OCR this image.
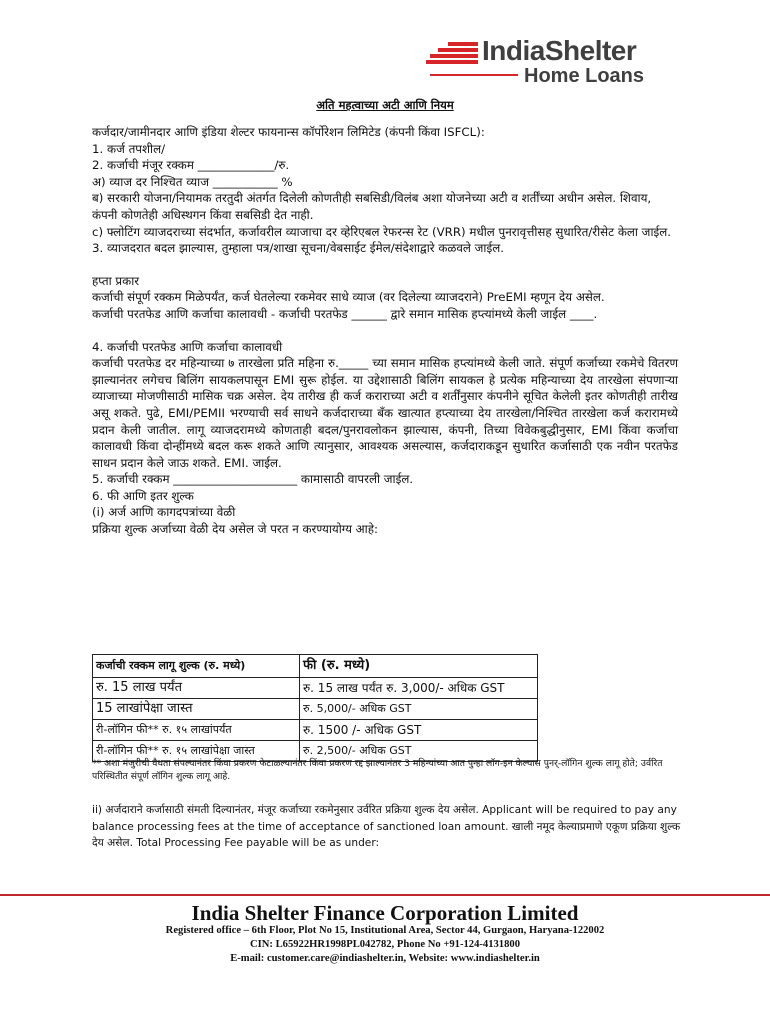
IndiaShelter
Home Loans
अति महत्वाच्या अटी आणि नियम

कर्जदार/जामीनदार आणि इंडिया शेल्टर फायनान्स कॉर्पोरेशन लिमिटेड (कंपनी किंवा ISFCL):

1. कर्ज तपशील/

2. कर्जाची मंजूर रक्कम _____________/रु.

अ) व्याज दर निश्चित व्याज ___________ %

ब) सरकारी योजना/नियामक तरतुदी अंतर्गत दिलेली कोणतीही सबसिडी/विलंब अशा योजनेच्या अटी व शर्तींच्या अधीन असेल. शिवाय, कंपनी कोणतेही अधिस्थगन किंवा सबसिडी देत नाही.

c) फ्लोटिंग व्याजदराच्या संदर्भात, कर्जावरील व्याजाचा दर व्हेरिएबल रेफरन्स रेट (VRR) मधील पुनरावृत्तीसह सुधारित/रीसेट केला जाईल.

3. व्याजदरात बदल झाल्यास, तुम्हाला पत्र/शाखा सूचना/वेबसाईट ईमेल/संदेशाद्वारे कळवले जाईल.

हप्ता प्रकार

कर्जाची संपूर्ण रक्कम मिळेपर्यंत, कर्ज घेतलेल्या रकमेवर साधे व्याज (वर दिलेल्या व्याजदराने) PreEMI म्हणून देय असेल.

कर्जाची परतफेड आणि कर्जाचा कालावधी - कर्जाची परतफेड ______ द्वारे समान मासिक हप्त्यांमध्ये केली जाईल ____.

4. कर्जाची परतफेड आणि कर्जाचा कालावधी

कर्जाची परतफेड दर महिन्याच्या ७ तारखेला प्रति महिना रु._____ च्या समान मासिक हप्त्यांमध्ये केली जाते. संपूर्ण कर्जाच्या रकमेचे वितरण झाल्यानंतर लगेचच बिलिंग सायकलपासून EMI सुरू होईल. या उद्देशासाठी बिलिंग सायकल हे प्रत्येक महिन्याच्या देय तारखेला संपणाऱ्या व्याजाच्या मोजणीसाठी मासिक चक्र असेल. देय तारीख ही कर्ज कराराच्या अटी व शर्तींनुसार कंपनीने सूचित केलेली इतर कोणतीही तारीख असू शकते. पुढे, EMI/PEMII भरण्याची सर्व साधने कर्जदाराच्या बँक खात्यात हप्त्याच्या देय तारखेला/निश्चित तारखेला कर्ज करारामध्ये प्रदान केली जातील. लागू व्याजदरामध्ये कोणताही बदल/पुनरावलोकन झाल्यास, कंपनी, तिच्या विवेकबुद्धीनुसार, EMI किंवा कर्जाचा कालावधी किंवा दोन्हींमध्ये बदल करू शकते आणि त्यानुसार, आवश्यक असल्यास, कर्जदाराकडून सुधारित कर्जासाठी एक नवीन परतफेड साधन प्रदान केले जाऊ शकते. EMI. जाईल.

5. कर्जाची रक्कम _____________________ कामासाठी वापरली जाईल.

6. फी आणि इतर शुल्क

(i) अर्ज आणि कागदपत्रांच्या वेळी

प्रक्रिया शुल्क अर्जाच्या वेळी देय असेल जे परत न करण्यायोग्य आहे:

कर्जाची रक्कम लागू शुल्क (रु. मध्ये)	फी (रु. मध्ये)
रु. 15 लाख पर्यंत	रु. 15 लाख पर्यंत रु. 3,000/- अधिक GST
15 लाखांपेक्षा जास्त	रु. 5,000/- अधिक GST
री-लॉगिन फी** रु. १५ लाखांपर्यंत	रु. 1500 /- अधिक GST
री-लॉगिन फी** रु. १५ लाखांपेक्षा जास्त	रु. 2,500/- अधिक GST
** अशा मंजुरीची वैधता संपल्यानंतर किंवा प्रकरण फेटाळल्यानंतर किंवा प्रकरण रद्द झाल्यानंतर 3 महिन्यांच्या आत पुन्हा लॉग-इन केल्यास पुनर्-लॉगिन शुल्क लागू होते; उर्वरित परिस्थितीत संपूर्ण लॉगिन शुल्क लागू आहे.
ii) अर्जदाराने कर्जासाठी संमती दिल्यानंतर, मंजूर कर्जाच्या रकमेनुसार उर्वरित प्रक्रिया शुल्क देय असेल. Applicant will be required to pay any balance processing fees at the time of acceptance of sanctioned loan amount. खाली नमूद केल्याप्रमाणे एकूण प्रक्रिया शुल्क देय असेल. Total Processing Fee payable will be as under:
India Shelter Finance Corporation Limited
Registered office – 6th Floor, Plot No 15, Institutional Area, Sector 44, Gurgaon, Haryana-122002
CIN: L65922HR1998PL042782, Phone No +91-124-4131800
E-mail: customer.care@indiashelter.in, Website: www.indiashelter.in
